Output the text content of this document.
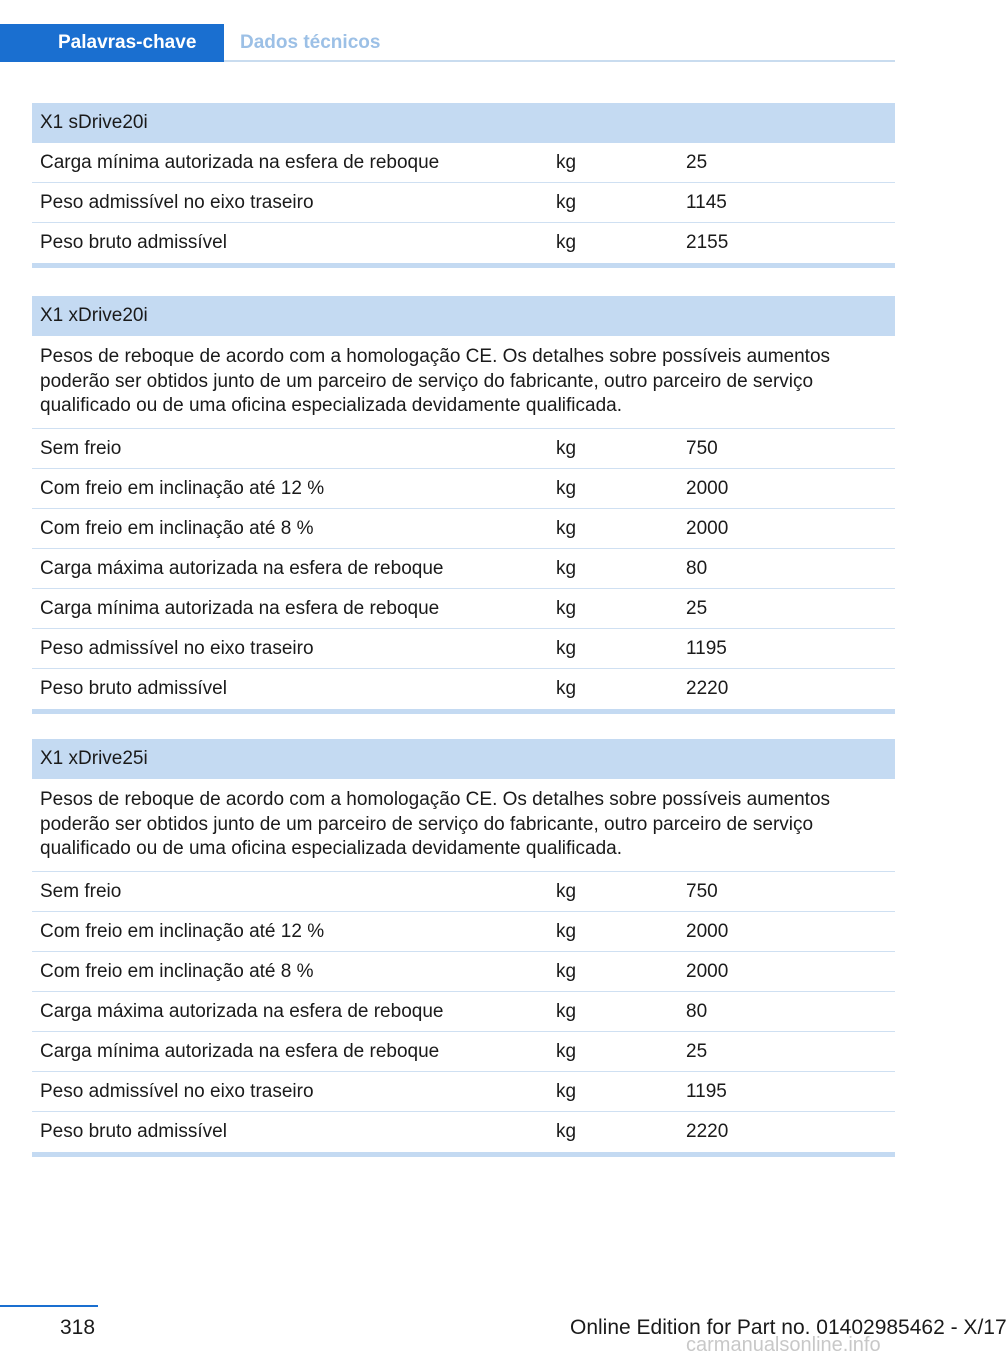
Palavras-chave	Dados técnicos
X1 sDrive20i
Carga mínima autorizada na esfera de reboque	kg	25
Peso admissível no eixo traseiro	kg	1145
Peso bruto admissível	kg	2155
X1 xDrive20i
Pesos de reboque de acordo com a homologação CE. Os detalhes sobre possíveis aumentos poderão ser obtidos junto de um parceiro de serviço do fabricante, outro parceiro de serviço qualificado ou de uma oficina especializada devidamente qualificada.
Sem freio	kg	750
Com freio em inclinação até 12 %	kg	2000
Com freio em inclinação até 8 %	kg	2000
Carga máxima autorizada na esfera de reboque	kg	80
Carga mínima autorizada na esfera de reboque	kg	25
Peso admissível no eixo traseiro	kg	1195
Peso bruto admissível	kg	2220
X1 xDrive25i
Pesos de reboque de acordo com a homologação CE. Os detalhes sobre possíveis aumentos poderão ser obtidos junto de um parceiro de serviço do fabricante, outro parceiro de serviço qualificado ou de uma oficina especializada devidamente qualificada.
Sem freio	kg	750
Com freio em inclinação até 12 %	kg	2000
Com freio em inclinação até 8 %	kg	2000
Carga máxima autorizada na esfera de reboque	kg	80
Carga mínima autorizada na esfera de reboque	kg	25
Peso admissível no eixo traseiro	kg	1195
Peso bruto admissível	kg	2220
318	Online Edition for Part no. 01402985462 - X/17
carmanualsonline.info
